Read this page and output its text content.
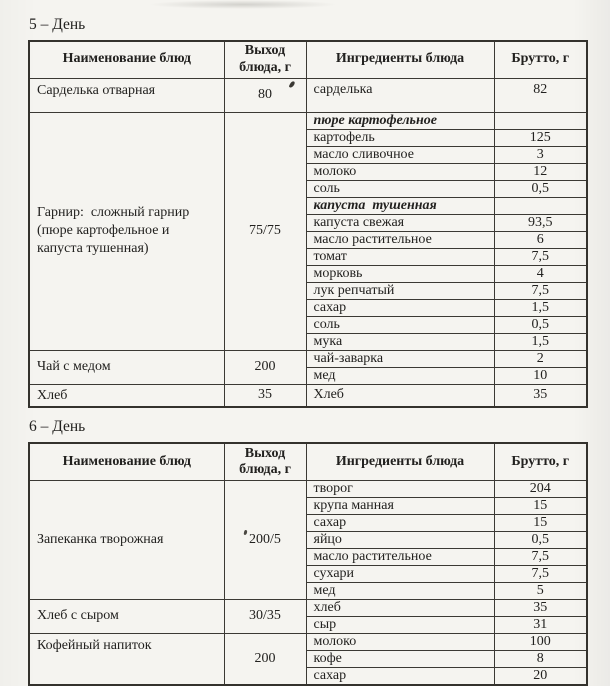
5 – День
Наименование блюд	Выход блюда, г	Ингредиенты блюда	Брутто, г
Сарделька отварная	80	сарделька	82
Гарнир:  сложный гарнир (пюре картофельное и капуста тушенная)	75/75	пюре картофельное	
		картофель	125
		масло сливочное	3
		молоко	12
		соль	0,5
		капуста  тушенная	
		капуста свежая	93,5
		масло растительное	6
		томат	7,5
		морковь	4
		лук репчатый	7,5
		сахар	1,5
		соль	0,5
		мука	1,5
Чай с медом	200	чай-заварка	2
		мед	10
Хлеб	35	Хлеб	35
6 – День
Наименование блюд	Выход блюда, г	Ингредиенты блюда	Брутто, г
Запеканка творожная	200/5	творог	204
		крупа манная	15
		сахар	15
		яйцо	0,5
		масло растительное	7,5
		сухари	7,5
		мед	5
Хлеб с сыром	30/35	хлеб	35
		сыр	31
Кофейный напиток	200	молоко	100
		кофе	8
		сахар	20
